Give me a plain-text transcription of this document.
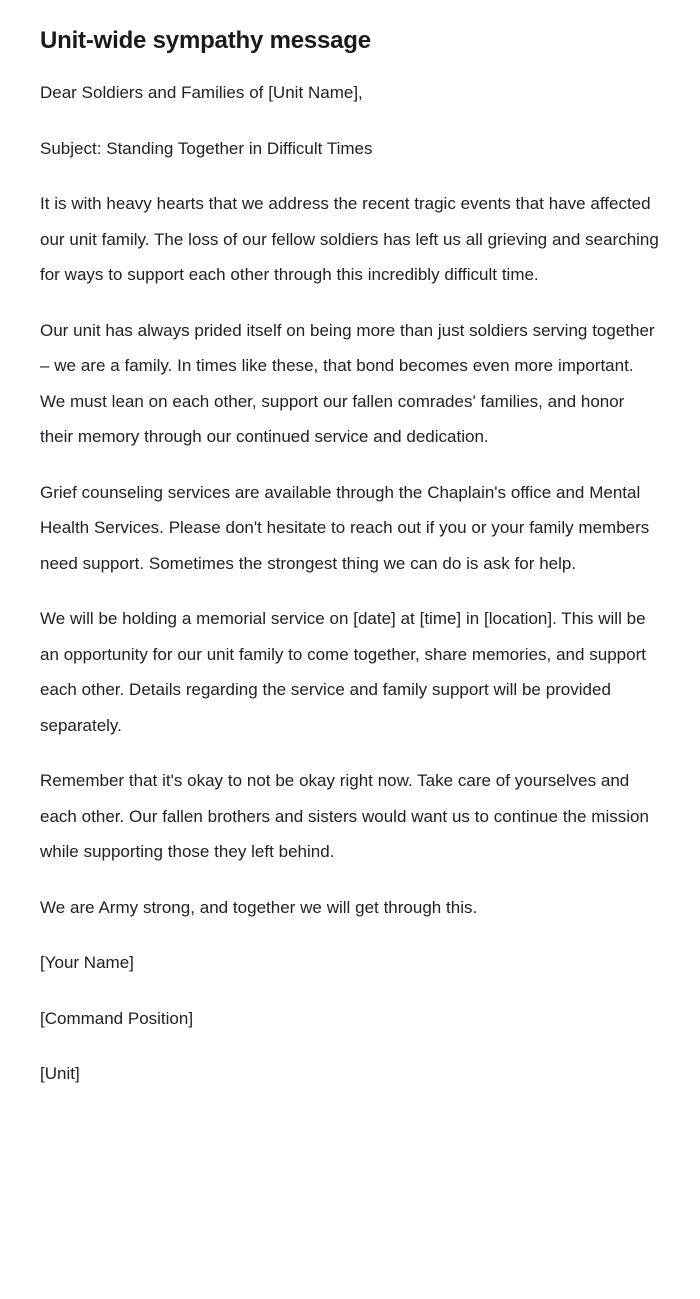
Unit-wide sympathy message

Dear Soldiers and Families of [Unit Name],

Subject: Standing Together in Difficult Times

It is with heavy hearts that we address the recent tragic events that have affected our unit family. The loss of our fellow soldiers has left us all grieving and searching for ways to support each other through this incredibly difficult time.

Our unit has always prided itself on being more than just soldiers serving together – we are a family. In times like these, that bond becomes even more important. We must lean on each other, support our fallen comrades' families, and honor their memory through our continued service and dedication.

Grief counseling services are available through the Chaplain's office and Mental Health Services. Please don't hesitate to reach out if you or your family members need support. Sometimes the strongest thing we can do is ask for help.

We will be holding a memorial service on [date] at [time] in [location]. This will be an opportunity for our unit family to come together, share memories, and support each other. Details regarding the service and family support will be provided separately.

Remember that it's okay to not be okay right now. Take care of yourselves and each other. Our fallen brothers and sisters would want us to continue the mission while supporting those they left behind.

We are Army strong, and together we will get through this.

[Your Name]

[Command Position]

[Unit]
